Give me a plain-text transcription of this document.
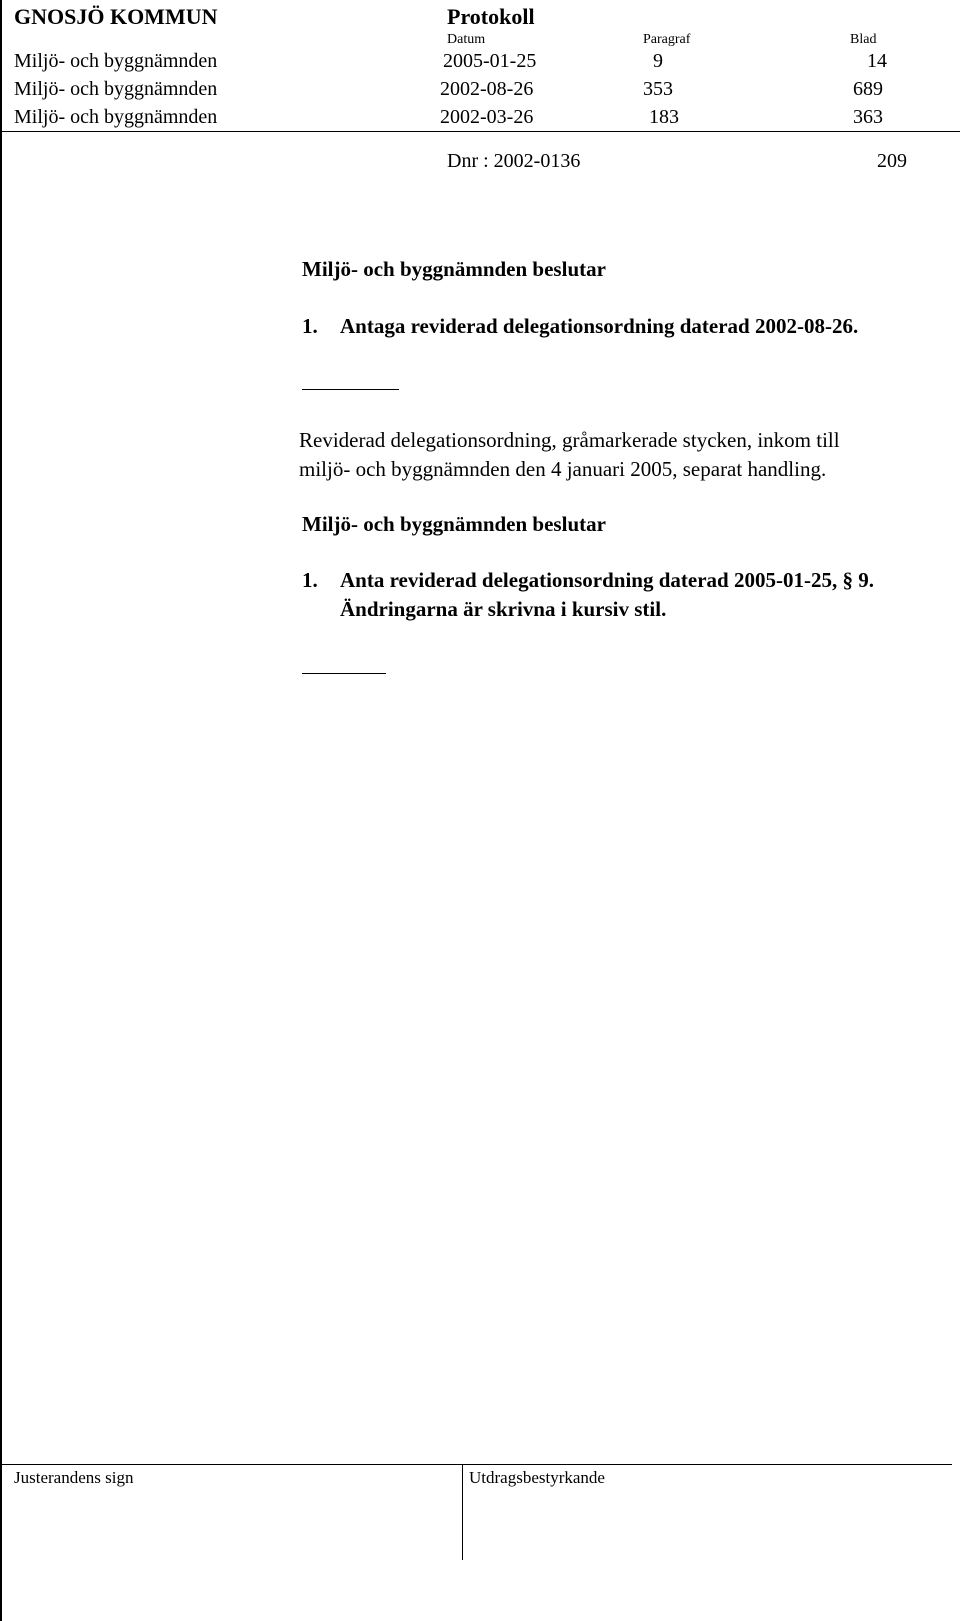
GNOSJÖ KOMMUN	Protokoll
Datum	Paragraf	Blad
Miljö- och byggnämnden	2005-01-25	9	14
Miljö- och byggnämnden	2002-08-26	353	689
Miljö- och byggnämnden	2002-03-26	183	363
Dnr : 2002-0136	209
Miljö- och byggnämnden beslutar
1. Antaga reviderad delegationsordning daterad 2002-08-26.
Reviderad delegationsordning, gråmarkerade stycken, inkom till
miljö- och byggnämnden den 4 januari 2005, separat handling.
Miljö- och byggnämnden beslutar
1. Anta reviderad delegationsordning daterad 2005-01-25, § 9.
Ändringarna är skrivna i kursiv stil.
Justerandens sign	Utdragsbestyrkande
